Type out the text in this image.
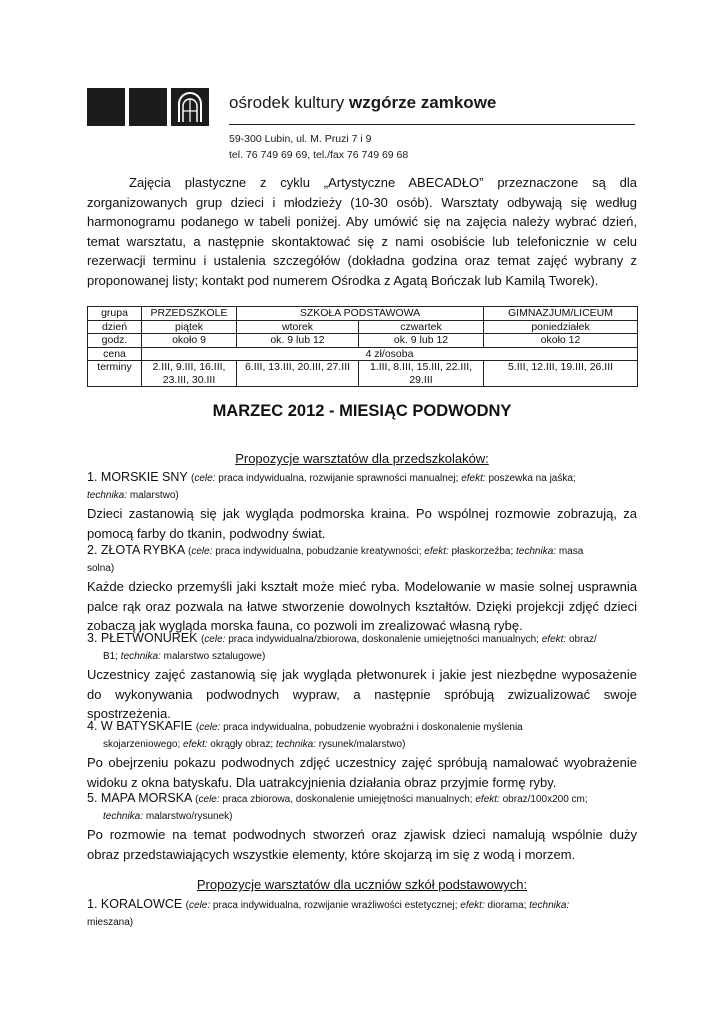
ośrodek kultury wzgórze zamkowe
59-300 Lubin, ul. M. Pruzi 7 i 9
tel. 76 749 69 69, tel./fax 76 749 69 68

Zajęcia plastyczne z cyklu „Artystyczne ABECADŁO” przeznaczone są dla zorganizowanych grup dzieci i młodzieży (10-30 osób). Warsztaty odbywają się według harmonogramu podanego w tabeli poniżej. Aby umówić się na zajęcia należy wybrać dzień, temat warsztatu, a następnie skontaktować się z nami osobiście lub telefonicznie w celu rezerwacji terminu i ustalenia szczegółów (dokładna godzina oraz temat zajęć wybrany z proponowanej listy; kontakt pod numerem Ośrodka z Agatą Bończak lub Kamilą Tworek).

grupa	PRZEDSZKOLE	SZKOŁA PODSTAWOWA		GIMNAZJUM/LICEUM
dzień	piątek	wtorek	czwartek	poniedziałek
godz.	około 9	ok. 9 lub 12	ok. 9 lub 12	około 12
cena	4 zł/osoba			
terminy	2.III, 9.III, 16.III, 23.III, 30.III	6.III, 13.III, 20.III, 27.III	1.III, 8.III, 15.III, 22.III, 29.III	5.III, 12.III, 19.III, 26.III
MARZEC 2012 - MIESIĄC PODWODNY
Propozycje warsztatów dla przedszkolaków:
1. MORSKIE SNY (cele: praca indywidualna, rozwijanie sprawności manualnej; efekt: poszewka na jaśka;
technika: malarstwo)
Dzieci zastanowią się jak wygląda podmorska kraina. Po wspólnej rozmowie zobrazują, za pomocą farby do tkanin, podwodny świat.
2. ZŁOTA RYBKA (cele: praca indywidualna, pobudzanie kreatywności; efekt: płaskorzeźba; technika: masa
solna)
Każde dziecko przemyśli jaki kształt może mieć ryba. Modelowanie w masie solnej usprawnia palce rąk oraz pozwala na łatwe stworzenie dowolnych kształtów. Dzięki projekcji zdjęć dzieci zobaczą jak wygląda morska fauna, co pozwoli im zrealizować własną rybę.
3. PŁETWONUREK (cele: praca indywidualna/zbiorowa, doskonalenie umiejętności manualnych; efekt: obraz/
B1; technika: malarstwo sztalugowe)
Uczestnicy zajęć zastanowią się jak wygląda płetwonurek i jakie jest niezbędne wyposażenie do wykonywania podwodnych wypraw, a następnie spróbują zwizualizować swoje spostrzeżenia.
4. W BATYSKAFIE (cele: praca indywidualna, pobudzenie wyobraźni i doskonalenie myślenia
skojarzeniowego; efekt: okrągły obraz; technika: rysunek/malarstwo)
Po obejrzeniu pokazu podwodnych zdjęć uczestnicy zajęć spróbują namalować wyobrażenie widoku z okna batyskafu. Dla uatrakcyjnienia działania obraz przyjmie formę ryby.
5. MAPA MORSKA (cele: praca zbiorowa, doskonalenie umiejętności manualnych; efekt: obraz/100x200 cm;
technika: malarstwo/rysunek)
Po rozmowie na temat podwodnych stworzeń oraz zjawisk dzieci namalują wspólnie duży obraz przedstawiających wszystkie elementy, które skojarzą im się z wodą i morzem.
Propozycje warsztatów dla uczniów szkół podstawowych:
1. KORALOWCE (cele: praca indywidualna, rozwijanie wrażliwości estetycznej; efekt: diorama; technika:
mieszana)
